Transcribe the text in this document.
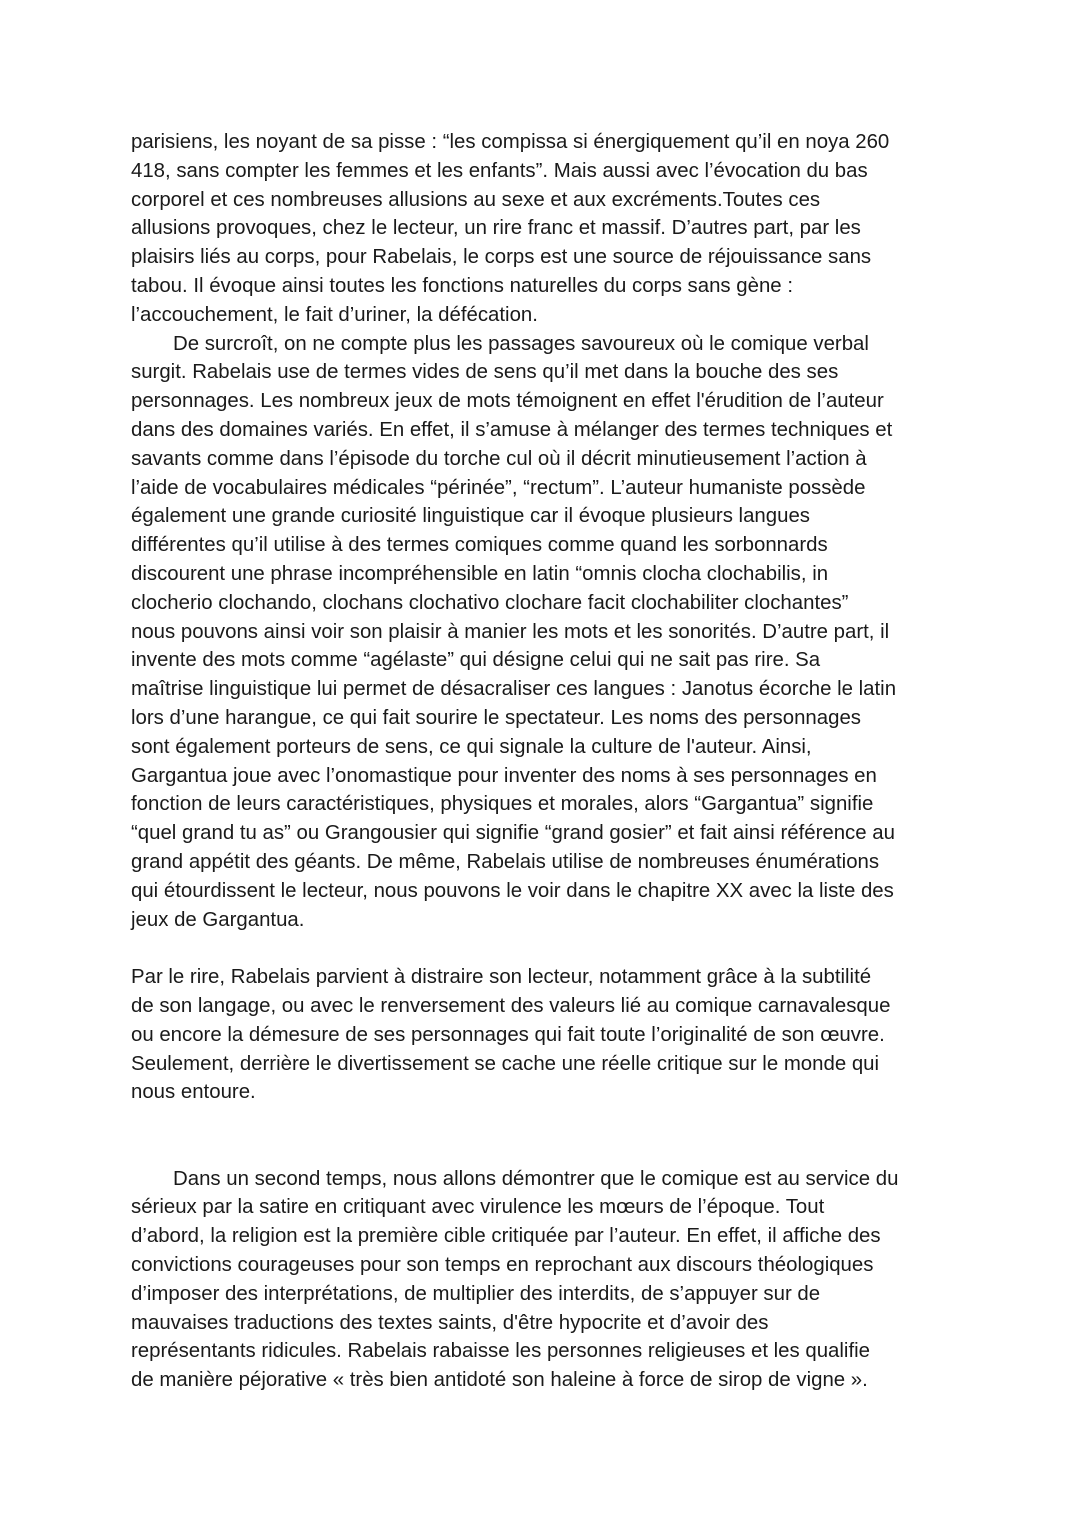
parisiens, les noyant de sa pisse : “les compissa si énergiquement qu’il en noya 260
418, sans compter les femmes et les enfants”. Mais aussi avec l’évocation du bas
corporel et ces nombreuses allusions au sexe et aux excréments.Toutes ces
allusions provoques, chez le lecteur, un rire franc et massif. D’autres part, par les
plaisirs liés au corps, pour Rabelais, le corps est une source de réjouissance sans
tabou. Il évoque ainsi toutes les fonctions naturelles du corps sans gène :
l’accouchement, le fait d’uriner, la défécation.
De surcroît, on ne compte plus les passages savoureux où le comique verbal
surgit. Rabelais use de termes vides de sens qu’il met dans la bouche des ses
personnages. Les nombreux jeux de mots témoignent en effet l'érudition de l’auteur
dans des domaines variés. En effet, il s’amuse à mélanger des termes techniques et
savants comme dans l’épisode du torche cul où il décrit minutieusement l’action à
l’aide de vocabulaires médicales “périnée”, “rectum”. L’auteur humaniste possède
également une grande curiosité linguistique car il évoque plusieurs langues
différentes qu’il utilise à des termes comiques comme quand les sorbonnards
discourent une phrase incompréhensible en latin “omnis clocha clochabilis, in
clocherio clochando, clochans clochativo clochare facit clochabiliter clochantes”
nous pouvons ainsi voir son plaisir à manier les mots et les sonorités. D’autre part, il
invente des mots comme “agélaste” qui désigne celui qui ne sait pas rire. Sa
maîtrise linguistique lui permet de désacraliser ces langues : Janotus écorche le latin
lors d’une harangue, ce qui fait sourire le spectateur. Les noms des personnages
sont également porteurs de sens, ce qui signale la culture de l'auteur. Ainsi,
Gargantua joue avec l’onomastique pour inventer des noms à ses personnages en
fonction de leurs caractéristiques, physiques et morales, alors “Gargantua” signifie
“quel grand tu as” ou Grangousier qui signifie “grand gosier” et fait ainsi référence au
grand appétit des géants. De même, Rabelais utilise de nombreuses énumérations
qui étourdissent le lecteur, nous pouvons le voir dans le chapitre XX avec la liste des
jeux de Gargantua.
Par le rire, Rabelais parvient à distraire son lecteur, notamment grâce à la subtilité
de son langage, ou avec le renversement des valeurs lié au comique carnavalesque
ou encore la démesure de ses personnages qui fait toute l’originalité de son œuvre.
Seulement, derrière le divertissement se cache une réelle critique sur le monde qui
nous entoure.
Dans un second temps, nous allons démontrer que le comique est au service du
sérieux par la satire en critiquant avec virulence les mœurs de l’époque. Tout
d’abord, la religion est la première cible critiquée par l’auteur. En effet, il affiche des
convictions courageuses pour son temps en reprochant aux discours théologiques
d’imposer des interprétations, de multiplier des interdits, de s’appuyer sur de
mauvaises traductions des textes saints, d'être hypocrite et d’avoir des
représentants ridicules. Rabelais rabaisse les personnes religieuses et les qualifie
de manière péjorative « très bien antidoté son haleine à force de sirop de vigne ».
